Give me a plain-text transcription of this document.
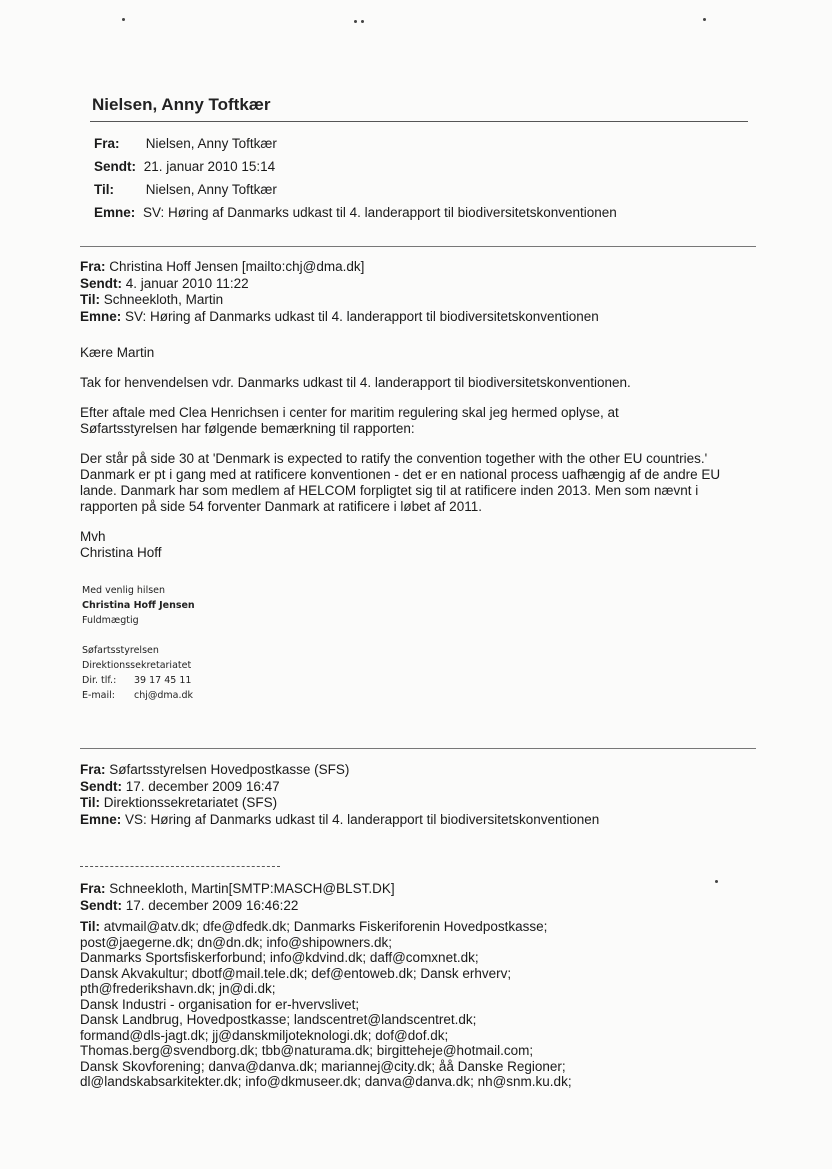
Nielsen, Anny Toftkær
Fra: Nielsen, Anny Toftkær
Sendt: 21. januar 2010 15:14
Til: Nielsen, Anny Toftkær
Emne: SV: Høring af Danmarks udkast til 4. landerapport til biodiversitetskonventionen
Fra: Christina Hoff Jensen [mailto:chj@dma.dk]
Sendt: 4. januar 2010 11:22
Til: Schneekloth, Martin
Emne: SV: Høring af Danmarks udkast til 4. landerapport til biodiversitetskonventionen

Kære Martin

Tak for henvendelsen vdr. Danmarks udkast til 4. landerapport til biodiversitetskonventionen.

Efter aftale med Clea Henrichsen i center for maritim regulering skal jeg hermed oplyse, at Søfartsstyrelsen har følgende bemærkning til rapporten:

Der står på side 30 at 'Denmark is expected to ratify the convention together with the other EU countries.' Danmark er pt i gang med at ratificere konventionen - det er en national process uafhængig af de andre EU lande. Danmark har som medlem af HELCOM forpligtet sig til at ratificere inden 2013. Men som nævnt i rapporten på side 54 forventer Danmark at ratificere i løbet af 2011.

Mvh
Christina Hoff
Med venlig hilsen
Christina Hoff Jensen
Fuldmægtig
Søfartsstyrelsen
Direktionssekretariatet
Dir. tlf.: 39 17 45 11
E-mail: chj@dma.dk
Fra: Søfartsstyrelsen Hovedpostkasse (SFS)
Sendt: 17. december 2009 16:47
Til: Direktionssekretariatet (SFS)
Emne: VS: Høring af Danmarks udkast til 4. landerapport til biodiversitetskonventionen
Fra: Schneekloth, Martin[SMTP:MASCH@BLST.DK]
Sendt: 17. december 2009 16:46:22
Til: atvmail@atv.dk; dfe@dfedk.dk; Danmarks Fiskeriforenin Hovedpostkasse;
post@jaegerne.dk; dn@dn.dk; info@shipowners.dk;
Danmarks Sportsfiskerforbund; info@kdvind.dk; daff@comxnet.dk;
Dansk Akvakultur; dbotf@mail.tele.dk; def@entoweb.dk; Dansk erhverv;
pth@frederikshavn.dk; jn@di.dk;
Dansk Industri - organisation for er-hvervslivet;
Dansk Landbrug, Hovedpostkasse; landscentret@landscentret.dk;
formand@dls-jagt.dk; jj@danskmiljoteknologi.dk; dof@dof.dk;
Thomas.berg@svendborg.dk; tbb@naturama.dk; birgitteheje@hotmail.com;
Dansk Skovforening; danva@danva.dk; mariannej@city.dk; åå Danske Regioner;
dl@landskabsarkitekter.dk; info@dkmuseer.dk; danva@danva.dk; nh@snm.ku.dk;
